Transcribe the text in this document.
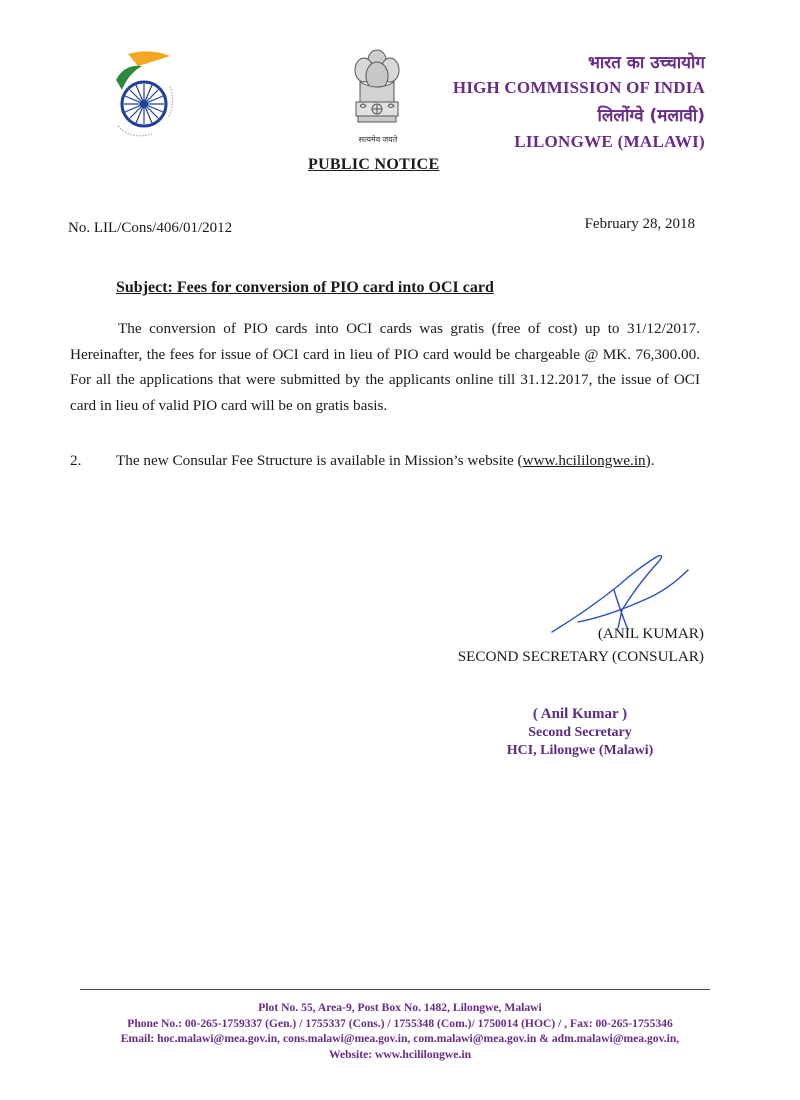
सत्यमेव जयते
PUBLIC NOTICE
भारत का उच्चायोग
HIGH COMMISSION OF INDIA
लिलोंग्वे (मलावी)
LILONGWE (MALAWI)
No. LIL/Cons/406/01/2012	February 28, 2018
Subject: Fees for conversion of PIO card into OCI card
The conversion of PIO cards into OCI cards was gratis (free of cost) up to 31/12/2017. Hereinafter, the fees for issue of OCI card in lieu of PIO card would be chargeable @ MK. 76,300.00. For all the applications that were submitted by the applicants online till 31.12.2017, the issue of OCI card in lieu of valid PIO card will be on gratis basis.
2. The new Consular Fee Structure is available in Mission’s website (www.hcililongwe.in).
(ANIL KUMAR)
SECOND SECRETARY (CONSULAR)
( Anil Kumar )
Second Secretary
HCI, Lilongwe (Malawi)
Plot No. 55, Area-9, Post Box No. 1482, Lilongwe, Malawi
Phone No.: 00-265-1759337 (Gen.) / 1755337 (Cons.) / 1755348 (Com.)/ 1750014 (HOC) / , Fax: 00-265-1755346
Email: hoc.malawi@mea.gov.in, cons.malawi@mea.gov.in, com.malawi@mea.gov.in & adm.malawi@mea.gov.in,
Website: www.hcililongwe.in
